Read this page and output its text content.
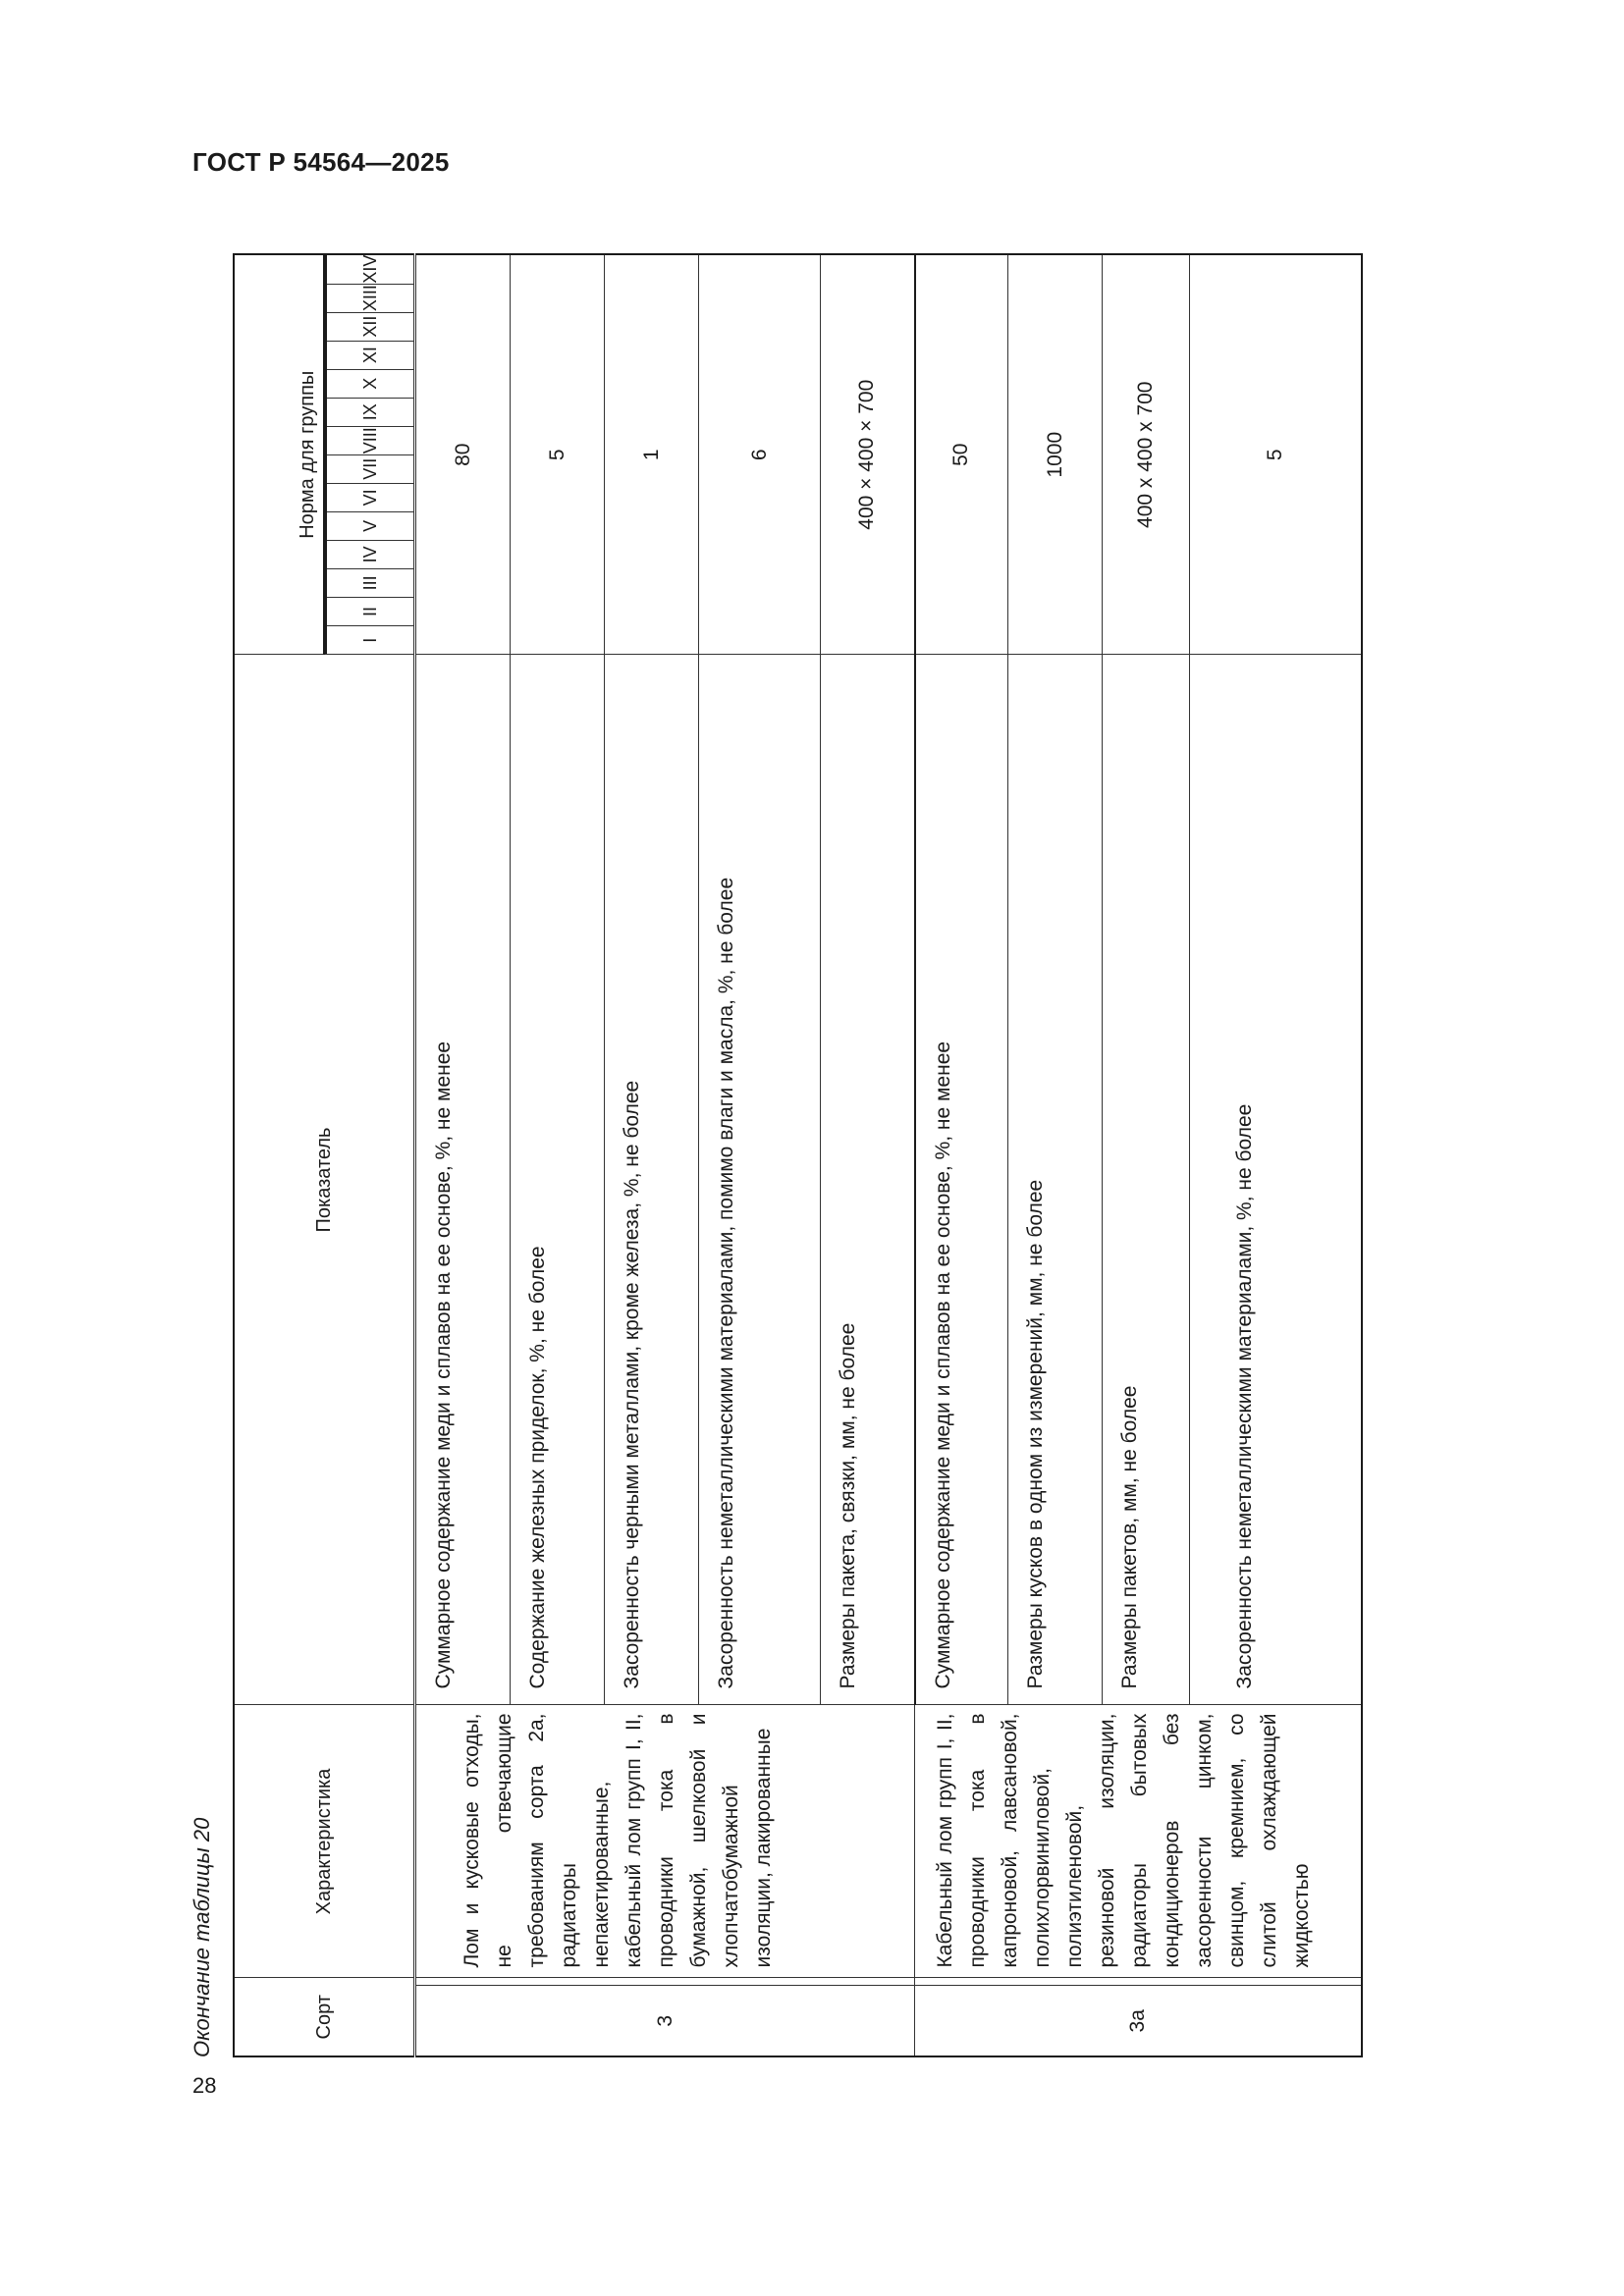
ГОСТ Р 54564—2025
28
Окончание таблицы 20	Сорт

Характеристика

Показатель

Норма для группы

I	II	III	IV	V	VI	VII	VIII	IX	X	XI	XII	XIII	XIV

3		Лом и кусковые отходы, не отвечающие требованиям сорта 2а, радиаторы непакетированные, кабельный лом групп I, II, проводники тока в бумажной, шелковой и хлопчатобумажной изоляции, лакированные	Суммарное содержание меди и сплавов на ее основе, %, не менее	80
Содержание железных приделок, %, не более	5
Засоренность черными металлами, кроме железа, %, не более	1
Засоренность неметаллическими материалами, помимо влаги и масла, %, не более	6
Размеры пакета, связки, мм, не более	400 × 400 × 700
3а		Кабельный лом групп I, II, проводники тока в капроновой, лавсановой, полихлорвиниловой, полиэтиленовой, резиновой изоляции, радиаторы бытовых кондиционеров без засоренности цинком, свинцом, кремнием, со слитой охлаждающей жидкостью	Суммарное содержание меди и сплавов на ее основе, %, не менее	50
Размеры кусков в одном из измерений, мм, не более	1000
Размеры пакетов, мм, не более	400 x 400 x 700
Засоренность неметаллическими материалами, %, не более	5
